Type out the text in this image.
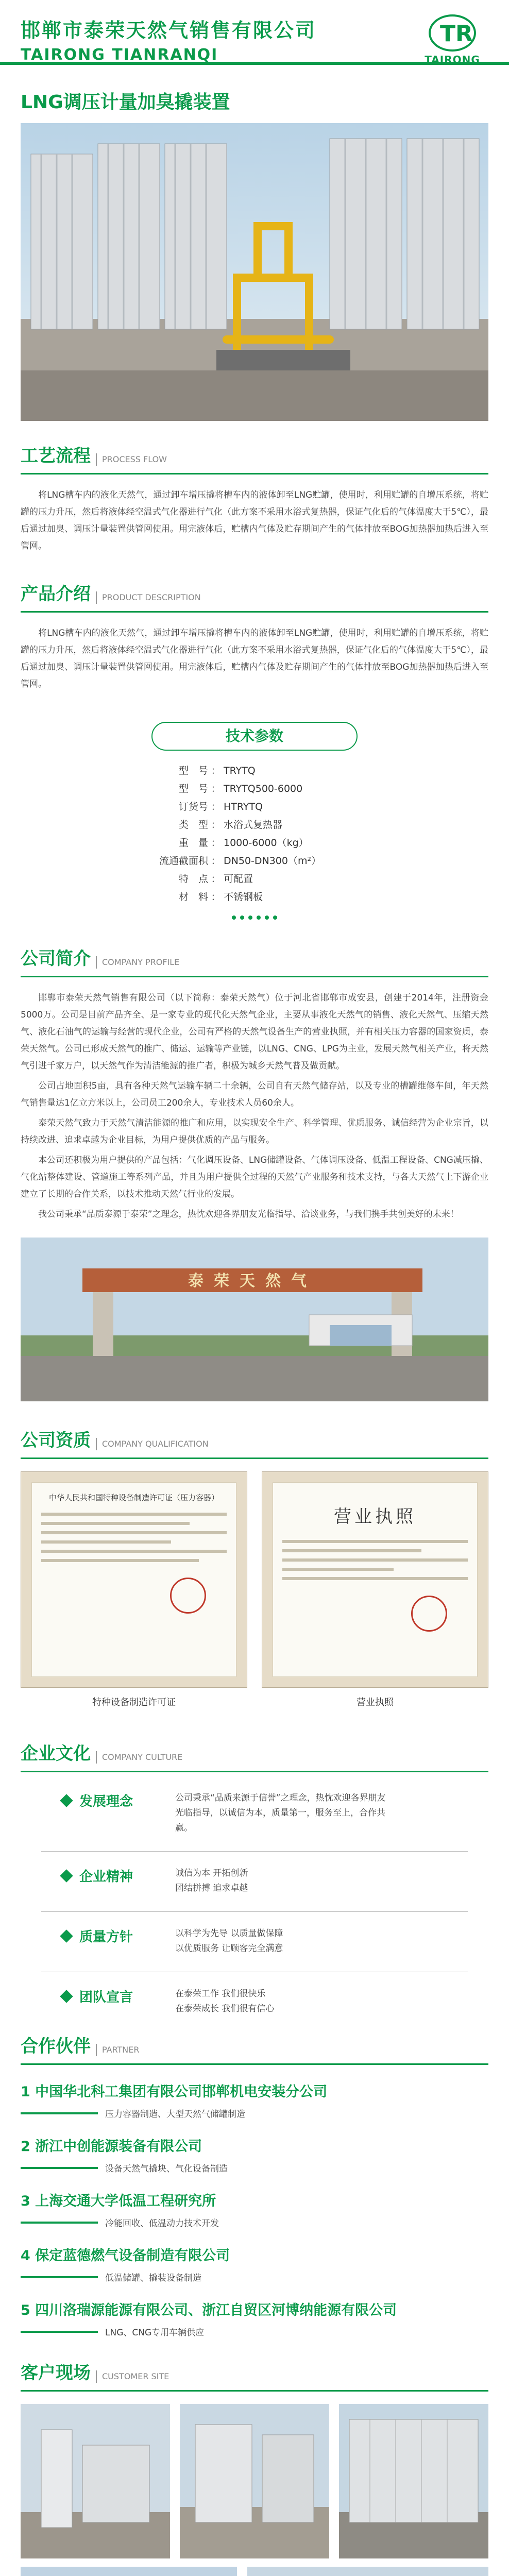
邯郸市泰荣天然气销售有限公司
TAIRONG TIANRANQI
TR
TAIRONG
LNG调压计量加臭撬装置
工艺流程 PROCESS FLOW
将LNG槽车内的液化天然气，通过卸车增压撬将槽车内的液体卸至LNG贮罐，使用时，利用贮罐的自增压系统，将贮罐的压力升压，然后将液体经空温式气化器进行气化（此方案不采用水浴式复热器，保证气化后的气体温度大于5℃），最后通过加臭、调压计量装置供管网使用。用完液体后，贮槽内气体及贮存期间产生的气体排放至BOG加热器加热后进入至管网。
产品介绍 PRODUCT DESCRIPTION
将LNG槽车内的液化天然气，通过卸车增压撬将槽车内的液体卸至LNG贮罐，使用时，利用贮罐的自增压系统，将贮罐的压力升压，然后将液体经空温式气化器进行气化（此方案不采用水浴式复热器，保证气化后的气体温度大于5℃），最后通过加臭、调压计量装置供管网使用。用完液体后，贮槽内气体及贮存期间产生的气体排放至BOG加热器加热后进入至管网。
技术参数
型　号 ： TRYTQ
型　号 ： TRYTQ500-6000
订货号 ： HTRYTQ
类　型 ： 水浴式复热器
重　量 ： 1000-6000（kg）
流通截面积 ： DN50-DN300（m²）
特　点 ： 可配置
材　料 ： 不锈钢板
公司简介 COMPANY PROFILE
邯郸市泰荣天然气销售有限公司（以下简称：泰荣天然气）位于河北省邯郸市成安县，创建于2014年，注册资金5000万。公司是目前产品齐全、是一家专业的现代化天然气企业，主要从事液化天然气的销售、液化天然气、压缩天然气、液化石油气的运输与经营的现代企业，公司有严格的天然气设备生产的营业执照，并有相关压力容器的国家资质，泰荣天然气。公司已形成天然气的推广、储运、运输等产业链，以LNG、CNG、LPG为主业，发展天然气相关产业，将天然气引进千家万户，以天然气作为清洁能源的推广者，积极为城乡天然气普及做贡献。
公司占地面积5亩，具有各种天然气运输车辆二十余辆，公司自有天然气储存站，以及专业的槽罐维修车间，年天然气销售量达1亿立方米以上，公司员工200余人，专业技术人员60余人。
泰荣天然气致力于天然气清洁能源的推广和应用，以实现安全生产、科学管理、优质服务、诚信经营为企业宗旨，以持续改进、追求卓越为企业目标，为用户提供优质的产品与服务。
本公司还积极为用户提供的产品包括：气化调压设备、LNG储罐设备、气体调压设备、低温工程设备、CNG减压撬、气化站整体建设、管道施工等系列产品，并且为用户提供全过程的天然气产业服务和技术支持，与各大天然气上下游企业建立了长期的合作关系，以技术推动天然气行业的发展。
我公司秉承“品质泰源于泰荣”之理念，热忱欢迎各界朋友光临指导、洽谈业务，与我们携手共创美好的未来！
泰荣天然气
公司资质 COMPANY QUALIFICATION
中华人民共和国特种设备制造许可证（压力容器）
特种设备制造许可证
营业执照
营业执照
企业文化 COMPANY CULTURE
发展理念	公司秉承“品质来源于信誉”之理念，热忱欢迎各界朋友光临指导，以诚信为本，质量第一，服务至上，合作共赢。
企业精神	诚信为本 开拓创新
团结拼搏 追求卓越
质量方针	以科学为先导 以质量做保障
以优质服务 让顾客完全满意
团队宣言	在泰荣工作 我们很快乐
在泰荣成长 我们很有信心
合作伙伴 PARTNER
1 中国华北科工集团有限公司邯郸机电安装分公司
压力容器制造、大型天然气储罐制造
2 浙江中创能源装备有限公司
设备天然气撬块、气化设备制造
3 上海交通大学低温工程研究所
冷能回收、低温动力技术开发
4 保定蓝德燃气设备制造有限公司
低温储罐、撬装设备制造
5 四川洛瑞源能源有限公司、浙江自贸区河博纳能源有限公司
LNG、CNG专用车辆供应
客户现场 CUSTOMER SITE
